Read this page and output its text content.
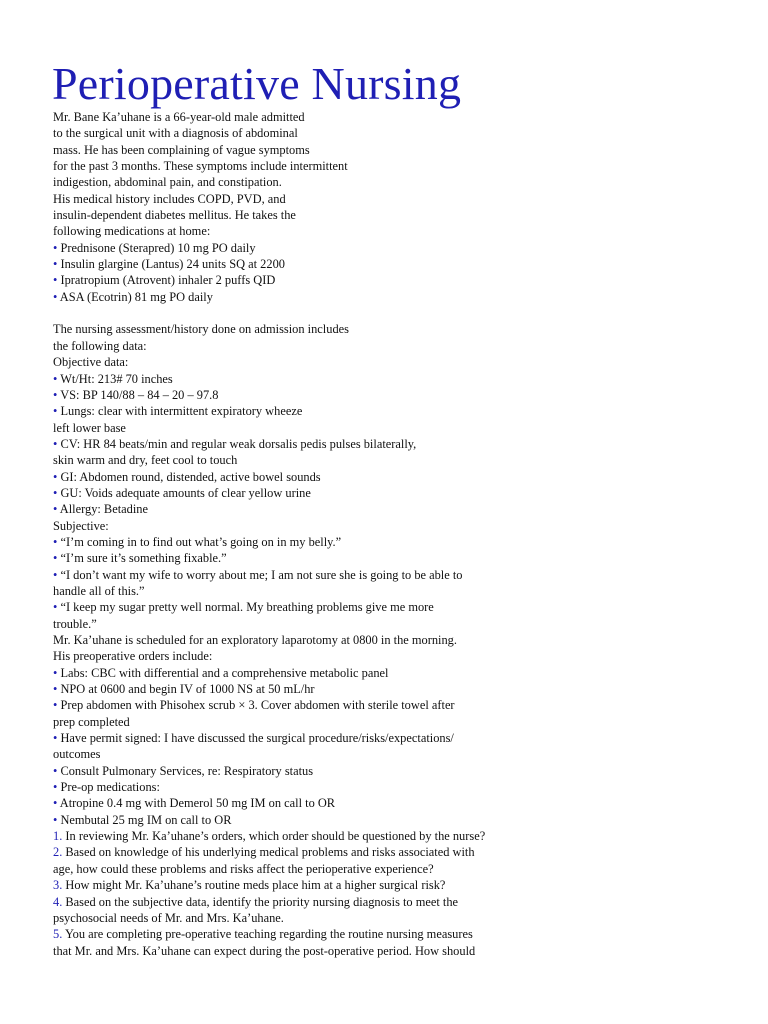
Perioperative Nursing
Mr. Bane Ka’uhane is a 66-year-old male admitted
to the surgical unit with a diagnosis of abdominal
mass. He has been complaining of vague symptoms
for the past 3 months. These symptoms include intermittent
indigestion, abdominal pain, and constipation.
His medical history includes COPD, PVD, and
insulin-dependent diabetes mellitus. He takes the
following medications at home:
• Prednisone (Sterapred) 10 mg PO daily
• Insulin glargine (Lantus) 24 units SQ at 2200
• Ipratropium (Atrovent) inhaler 2 puffs QID
• ASA (Ecotrin) 81 mg PO daily
The nursing assessment/history done on admission includes
the following data:
Objective data:
• Wt/Ht: 213# 70 inches
• VS: BP 140/88 – 84 – 20 – 97.8
• Lungs: clear with intermittent expiratory wheeze
left lower base
• CV: HR 84 beats/min and regular weak dorsalis pedis pulses bilaterally,
skin warm and dry, feet cool to touch
• GI: Abdomen round, distended, active bowel sounds
• GU: Voids adequate amounts of clear yellow urine
• Allergy: Betadine
Subjective:
• “I’m coming in to find out what’s going on in my belly.”
• “I’m sure it’s something fixable.”
• “I don’t want my wife to worry about me; I am not sure she is going to be able to
handle all of this.”
• “I keep my sugar pretty well normal. My breathing problems give me more
trouble.”
Mr. Ka’uhane is scheduled for an exploratory laparotomy at 0800 in the morning.
His preoperative orders include:
• Labs: CBC with differential and a comprehensive metabolic panel
• NPO at 0600 and begin IV of 1000 NS at 50 mL/hr
• Prep abdomen with Phisohex scrub × 3. Cover abdomen with sterile towel after
prep completed
• Have permit signed: I have discussed the surgical procedure/risks/expectations/
outcomes
• Consult Pulmonary Services, re: Respiratory status
• Pre-op medications:
• Atropine 0.4 mg with Demerol 50 mg IM on call to OR
• Nembutal 25 mg IM on call to OR
1. In reviewing Mr. Ka’uhane’s orders, which order should be questioned by the nurse?
2. Based on knowledge of his underlying medical problems and risks associated with
age, how could these problems and risks affect the perioperative experience?
3. How might Mr. Ka’uhane’s routine meds place him at a higher surgical risk?
4. Based on the subjective data, identify the priority nursing diagnosis to meet the
psychosocial needs of Mr. and Mrs. Ka’uhane.
5. You are completing pre-operative teaching regarding the routine nursing measures
that Mr. and Mrs. Ka’uhane can expect during the post-operative period. How should
